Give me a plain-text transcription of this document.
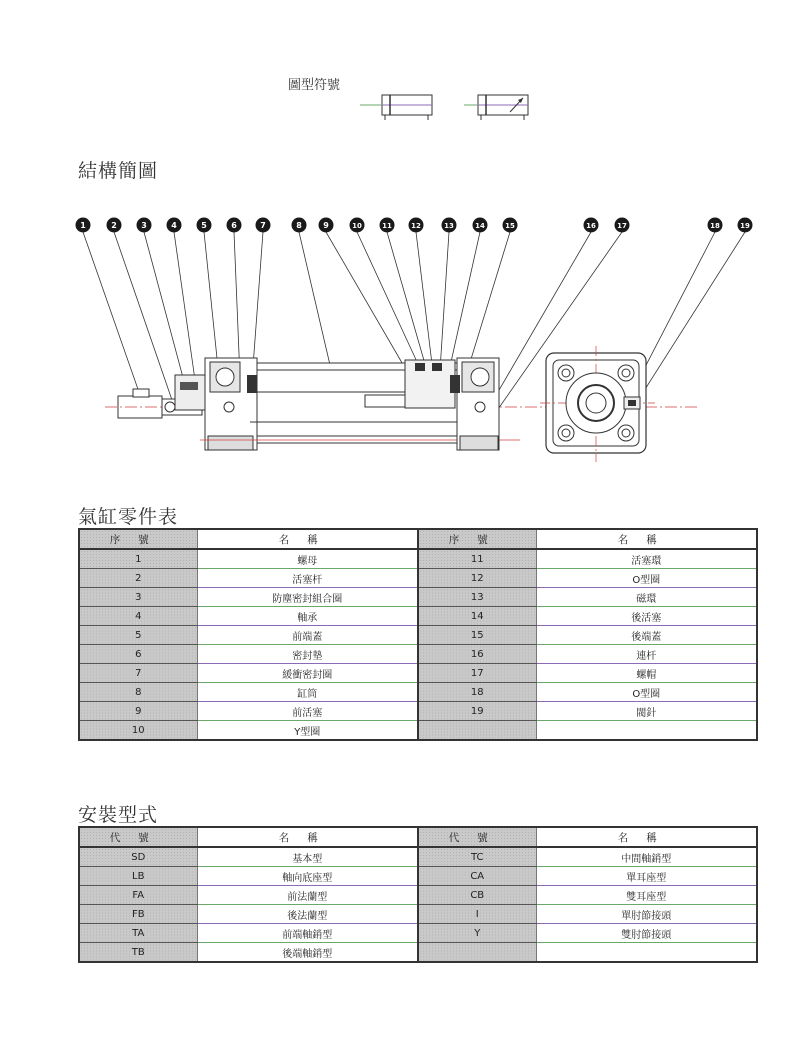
圖型符號
結構簡圖
1	2	3	4	5	6	7	8	9	10	11	12	13	14	15	16	17	18	19
氣缸零件表
序號	名稱	序號	名稱
1	螺母	11	活塞環
2	活塞杆	12	O型圈
3	防塵密封組合圈	13	磁環
4	軸承	14	後活塞
5	前端蓋	15	後端蓋
6	密封墊	16	連杆
7	緩衝密封圈	17	螺帽
8	缸筒	18	O型圈
9	前活塞	19	閥針
10	Y型圈		
安裝型式
代號	名稱	代號	名稱
SD	基本型	TC	中間軸銷型
LB	軸向底座型	CA	單耳座型
FA	前法蘭型	CB	雙耳座型
FB	後法蘭型	I	單肘節接頭
TA	前端軸銷型	Y	雙肘節接頭
TB	後端軸銷型		
